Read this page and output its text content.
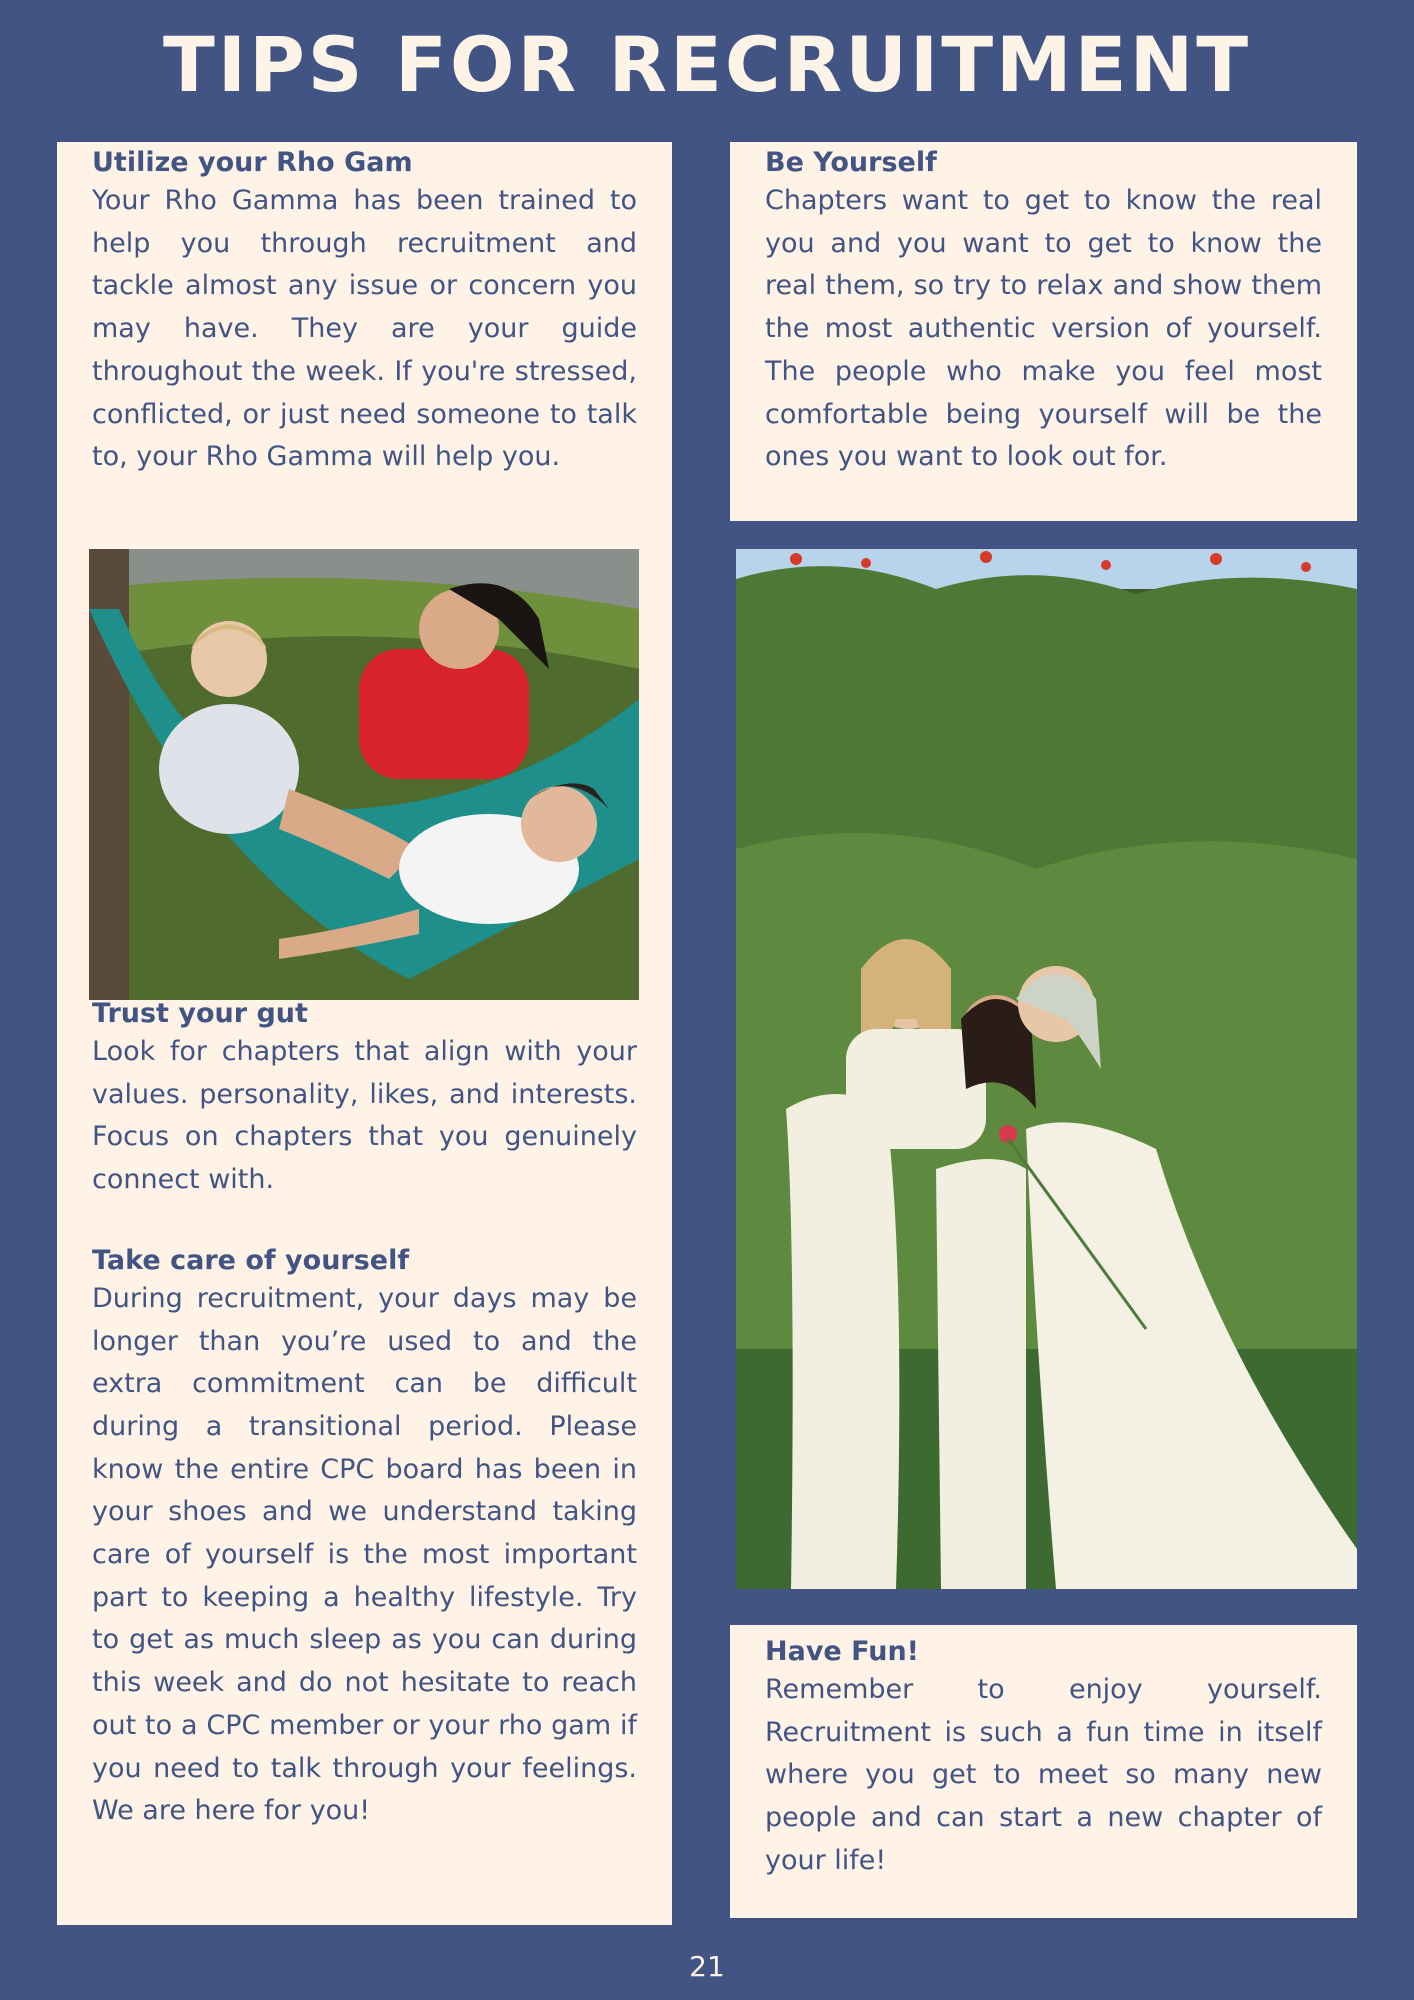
TIPS FOR RECRUITMENT
Utilize your Rho Gam
Your Rho Gamma has been trained to help you through recruitment and tackle almost any issue or concern you may have. They are your guide throughout the week. If you're stressed, conflicted, or just need someone to talk to, your Rho Gamma will help you.
Trust your gut
Look for chapters that align with your values. personality, likes, and interests. Focus on chapters that you genuinely connect with.
Take care of yourself
During recruitment, your days may be longer than you’re used to and the extra commitment can be difficult during a transitional period. Please know the entire CPC board has been in your shoes and we understand taking care of yourself is the most important part to keeping a healthy lifestyle. Try to get as much sleep as you can during this week and do not hesitate to reach out to a CPC member or your rho gam if you need to talk through your feelings. We are here for you!
Be Yourself
Chapters want to get to know the real you and you want to get to know the real them, so try to relax and show them the most authentic version of yourself. The people who make you feel most comfortable being yourself will be the ones you want to look out for.
Have Fun!
Remember to enjoy yourself. Recruitment is such a fun time in itself where you get to meet so many new people and can start a new chapter of your life!
21
